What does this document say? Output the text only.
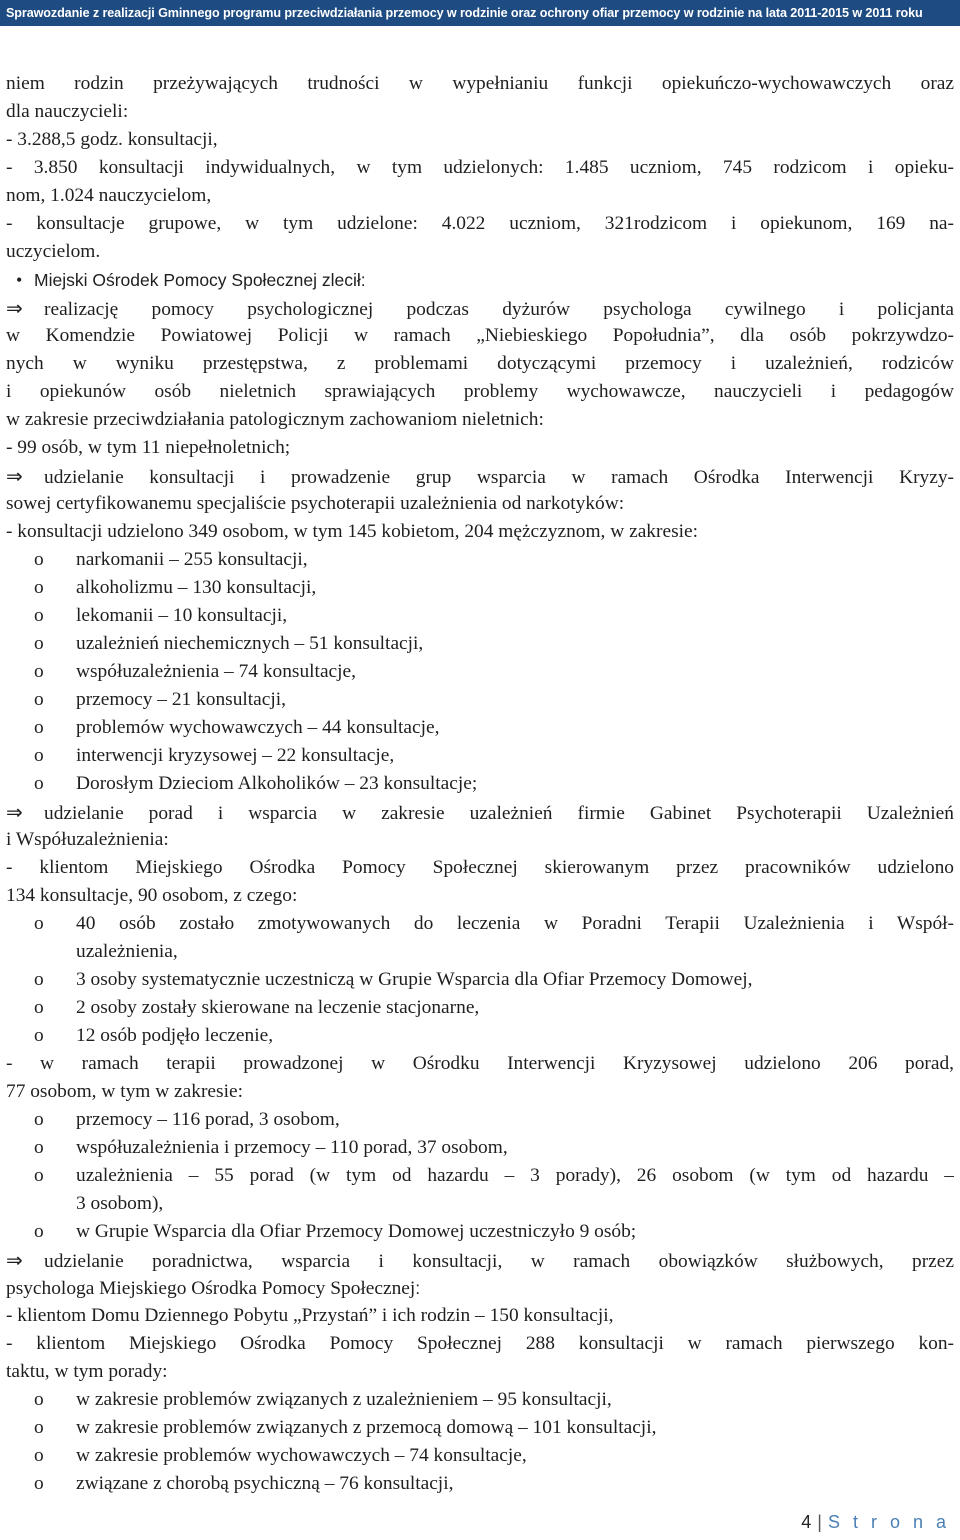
Sprawozdanie z realizacji Gminnego programu przeciwdziałania przemocy w rodzinie oraz ochrony ofiar przemocy w rodzinie na lata 2011-2015 w 2011 roku
niem rodzin przeżywających trudności w wypełnianiu funkcji opiekuńczo-wychowawczych oraz
dla nauczycieli:
- 3.288,5 godz. konsultacji,
- 3.850 konsultacji indywidualnych, w tym udzielonych: 1.485 uczniom, 745 rodzicom i opieku-
nom, 1.024 nauczycielom,
- konsultacje grupowe, w tym udzielone: 4.022 uczniom, 321rodzicom i opiekunom, 169 na-
uczycielom.
• Miejski Ośrodek Pomocy Społecznej zlecił:
⇒ realizację pomocy psychologicznej podczas dyżurów psychologa cywilnego i policjanta
w Komendzie Powiatowej Policji w ramach „Niebieskiego Popołudnia”, dla osób pokrzywdzo-
nych w wyniku przestępstwa, z problemami dotyczącymi przemocy i uzależnień, rodziców
i opiekunów osób nieletnich sprawiających problemy wychowawcze, nauczycieli i pedagogów
w zakresie przeciwdziałania patologicznym zachowaniom nieletnich:
- 99 osób, w tym 11 niepełnoletnich;
⇒ udzielanie konsultacji i prowadzenie grup wsparcia w ramach Ośrodka Interwencji Kryzy-
sowej certyfikowanemu specjaliście psychoterapii uzależnienia od narkotyków:
- konsultacji udzielono 349 osobom, w tym 145 kobietom, 204 mężczyznom, w zakresie:
o narkomanii – 255 konsultacji,
o alkoholizmu – 130 konsultacji,
o lekomanii – 10 konsultacji,
o uzależnień niechemicznych – 51 konsultacji,
o współuzależnienia – 74 konsultacje,
o przemocy – 21 konsultacji,
o problemów wychowawczych – 44 konsultacje,
o interwencji kryzysowej – 22 konsultacje,
o Dorosłym Dzieciom Alkoholików – 23 konsultacje;
⇒ udzielanie porad i wsparcia w zakresie uzależnień firmie Gabinet Psychoterapii Uzależnień
i Współuzależnienia:
- klientom Miejskiego Ośrodka Pomocy Społecznej skierowanym przez pracowników udzielono
134 konsultacje, 90 osobom, z czego:
o 40 osób zostało zmotywowanych do leczenia w Poradni Terapii Uzależnienia i Współ-
uzależnienia,
o 3 osoby systematycznie uczestniczą w Grupie Wsparcia dla Ofiar Przemocy Domowej,
o 2 osoby zostały skierowane na leczenie stacjonarne,
o 12 osób podjęło leczenie,
- w ramach terapii prowadzonej w Ośrodku Interwencji Kryzysowej udzielono 206 porad,
77 osobom, w tym w zakresie:
o przemocy – 116 porad, 3 osobom,
o współuzależnienia i przemocy – 110 porad, 37 osobom,
o uzależnienia – 55 porad (w tym od hazardu – 3 porady), 26 osobom (w tym od hazardu –
3 osobom),
o w Grupie Wsparcia dla Ofiar Przemocy Domowej uczestniczyło 9 osób;
⇒ udzielanie poradnictwa, wsparcia i konsultacji, w ramach obowiązków służbowych, przez
psychologa Miejskiego Ośrodka Pomocy Społecznej:
- klientom Domu Dziennego Pobytu „Przystań” i ich rodzin – 150 konsultacji,
- klientom Miejskiego Ośrodka Pomocy Społecznej 288 konsultacji w ramach pierwszego kon-
taktu, w tym porady:
o w zakresie problemów związanych z uzależnieniem – 95 konsultacji,
o w zakresie problemów związanych z przemocą domową – 101 konsultacji,
o w zakresie problemów wychowawczych – 74 konsultacje,
o związane z chorobą psychiczną – 76 konsultacji,
4 | S t r o n a
